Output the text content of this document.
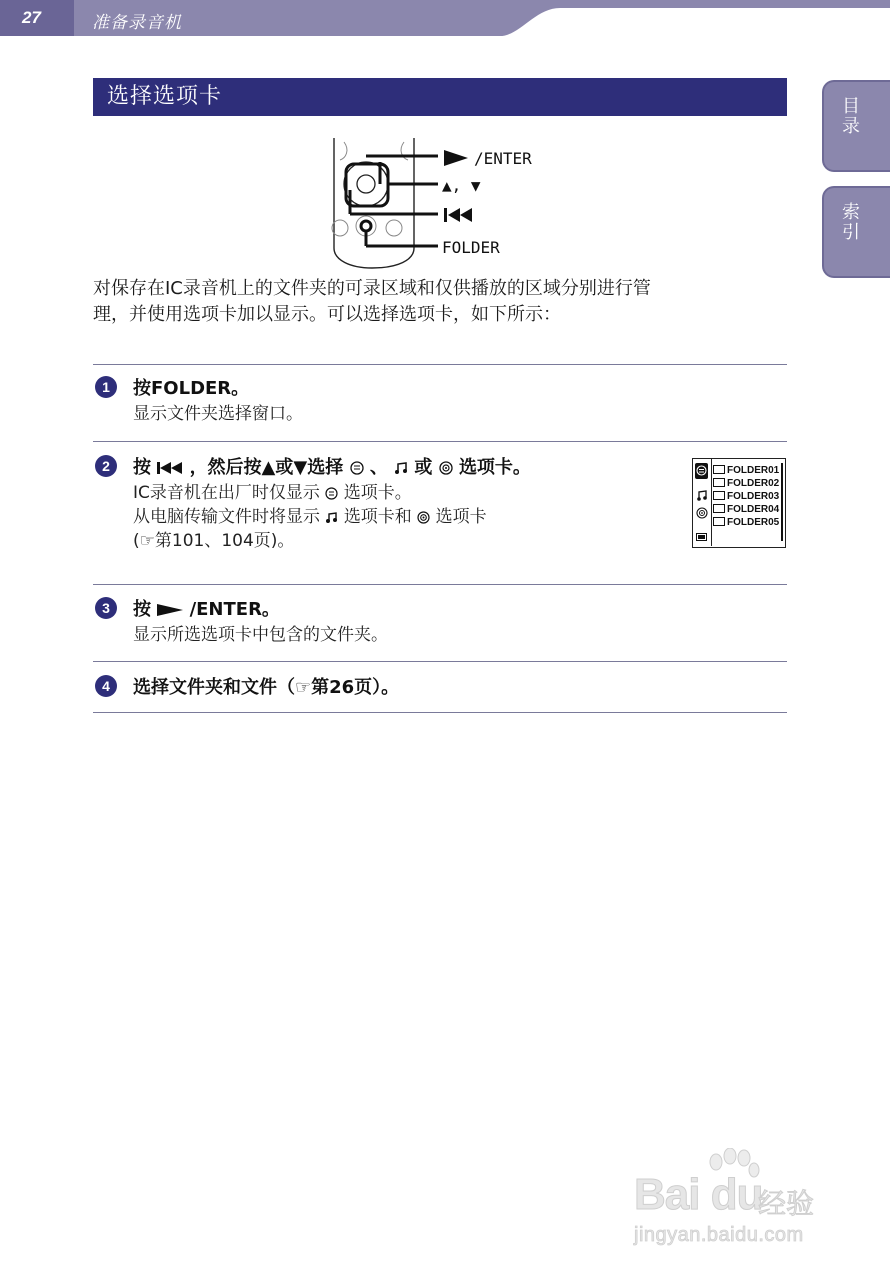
27	准备录音机
目录
索引
选择选项卡
/ENTER
▲, ▼
FOLDER
对保存在IC录音机上的文件夹的可录区域和仅供播放的区域分别进行管
理，并使用选项卡加以显示。可以选择选项卡，如下所示：
1	按FOLDER。
显示文件夹选择窗口。
2	按 ，然后按▲或▼选择 、 或 选项卡。
IC录音机在出厂时仅显示 选项卡。
从电脑传输文件时将显示 选项卡和 选项卡
(☞第101、104页)。
FOLDER01
FOLDER02
FOLDER03
FOLDER04
FOLDER05
3	按  /ENTER。
显示所选选项卡中包含的文件夹。
4	选择文件夹和文件（☞第26页）。
Bai du
经验
jingyan.baidu.com
